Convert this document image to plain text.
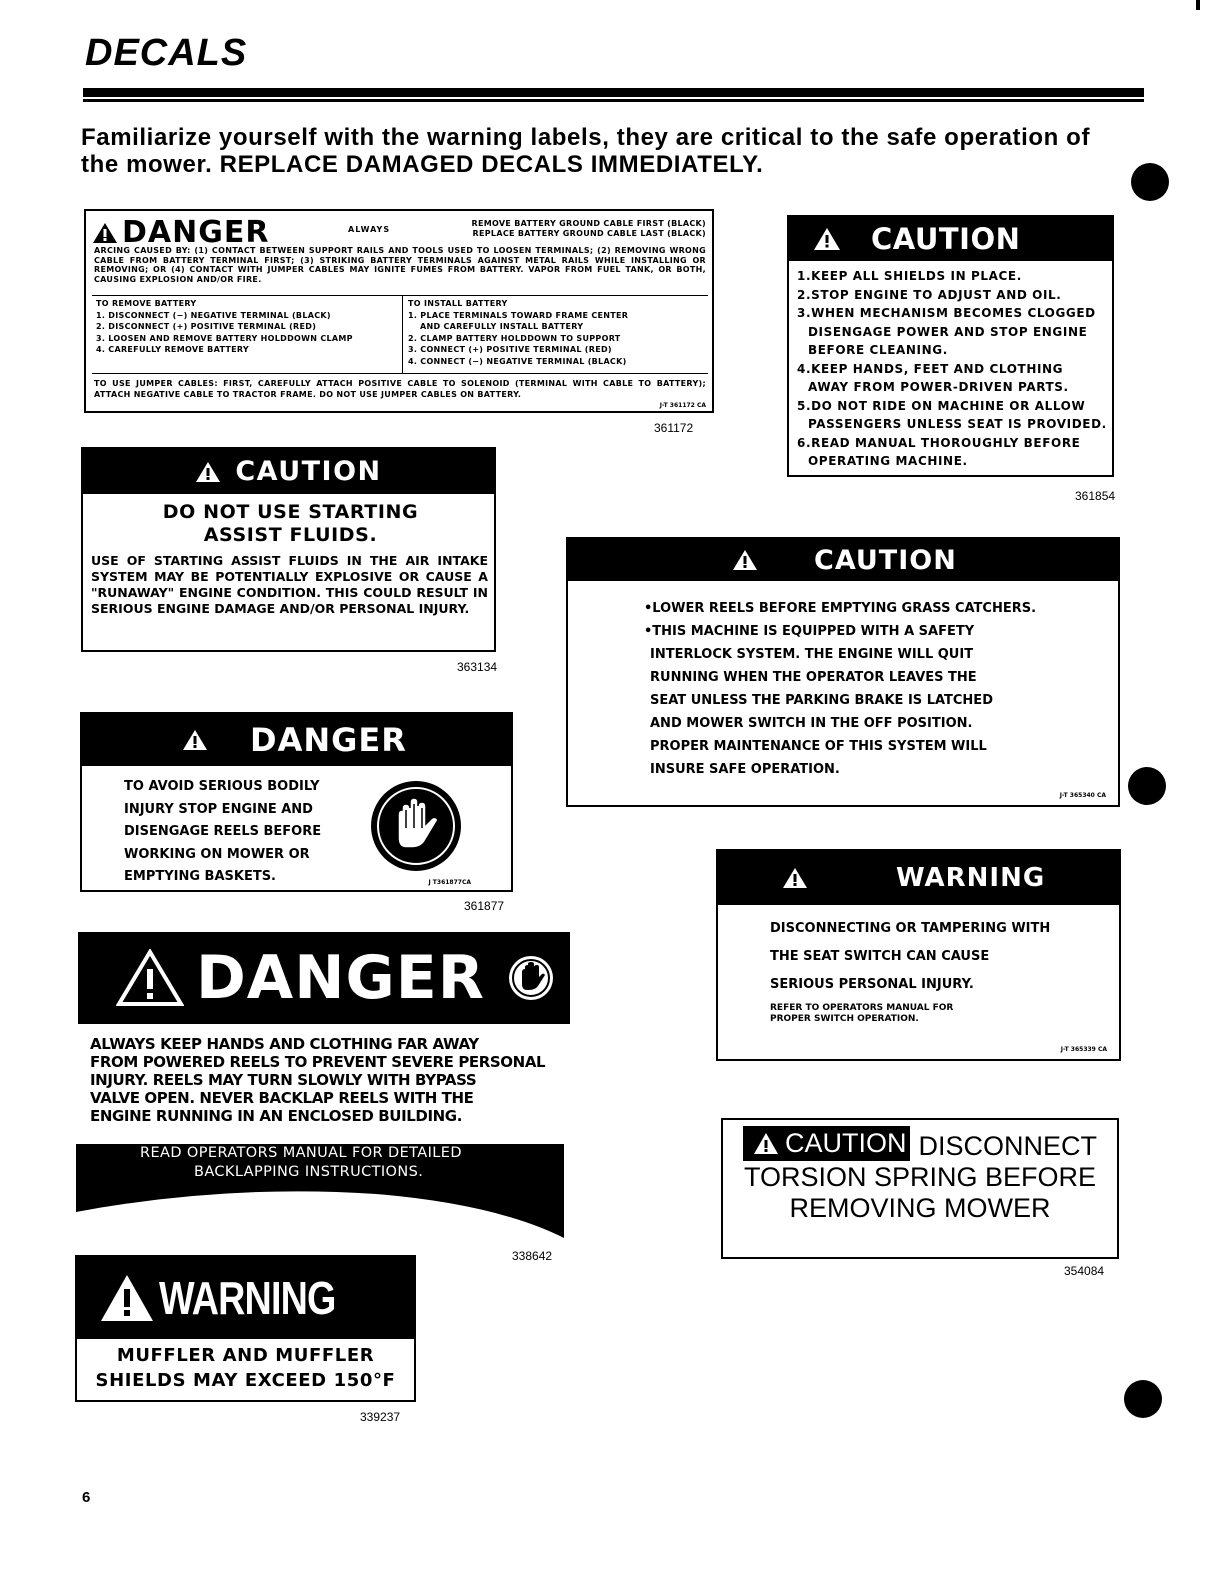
DECALS

Familiarize yourself with the warning labels, they are critical to the safe operation of the mower. REPLACE DAMAGED DECALS IMMEDIATELY.

DANGER	ALWAYS
REMOVE BATTERY GROUND CABLE FIRST (BLACK)
REPLACE BATTERY GROUND CABLE LAST (BLACK)
ARCING CAUSED BY: (1) CONTACT BETWEEN SUPPORT RAILS AND TOOLS USED TO LOOSEN TERMINALS; (2) REMOVING WRONG CABLE FROM BATTERY TERMINAL FIRST; (3) STRIKING BATTERY TERMINALS AGAINST METAL RAILS WHILE INSTALLING OR REMOVING; OR (4) CONTACT WITH JUMPER CABLES MAY IGNITE FUMES FROM BATTERY. VAPOR FROM FUEL TANK, OR BOTH, CAUSING EXPLOSION AND/OR FIRE.
TO REMOVE BATTERY
1. DISCONNECT (−) NEGATIVE TERMINAL (BLACK)
2. DISCONNECT (+) POSITIVE TERMINAL (RED)
3. LOOSEN AND REMOVE BATTERY HOLDDOWN CLAMP
4. CAREFULLY REMOVE BATTERY
TO INSTALL BATTERY
1. PLACE TERMINALS TOWARD FRAME CENTER
AND CAREFULLY INSTALL BATTERY
2. CLAMP BATTERY HOLDDOWN TO SUPPORT
3. CONNECT (+) POSITIVE TERMINAL (RED)
4. CONNECT (−) NEGATIVE TERMINAL (BLACK)
TO USE JUMPER CABLES: FIRST, CAREFULLY ATTACH POSITIVE CABLE TO SOLENOID (TERMINAL WITH CABLE TO BATTERY); ATTACH NEGATIVE CABLE TO TRACTOR FRAME. DO NOT USE JUMPER CABLES ON BATTERY.
J-T 361172 CA
361172
CAUTION
1.KEEP ALL SHIELDS IN PLACE.
2.STOP ENGINE TO ADJUST AND OIL.
3.WHEN MECHANISM BECOMES CLOGGED
DISENGAGE POWER AND STOP ENGINE
BEFORE CLEANING.
4.KEEP HANDS, FEET AND CLOTHING
AWAY FROM POWER-DRIVEN PARTS.
5.DO NOT RIDE ON MACHINE OR ALLOW
PASSENGERS UNLESS SEAT IS PROVIDED.
6.READ MANUAL THOROUGHLY BEFORE
OPERATING MACHINE.
361854
CAUTION
DO NOT USE STARTING ASSIST FLUIDS.
USE OF STARTING ASSIST FLUIDS IN THE AIR INTAKE SYSTEM MAY BE POTENTIALLY EXPLOSIVE OR CAUSE A "RUNAWAY" ENGINE CONDITION. THIS COULD RESULT IN SERIOUS ENGINE DAMAGE AND/OR PERSONAL INJURY.
363134
CAUTION
•LOWER REELS BEFORE EMPTYING GRASS CATCHERS.
•THIS MACHINE IS EQUIPPED WITH A SAFETY
INTERLOCK SYSTEM. THE ENGINE WILL QUIT
RUNNING WHEN THE OPERATOR LEAVES THE
SEAT UNLESS THE PARKING BRAKE IS LATCHED
AND MOWER SWITCH IN THE OFF POSITION.
PROPER MAINTENANCE OF THIS SYSTEM WILL
INSURE SAFE OPERATION.
J-T 365340 CA
DANGER
TO AVOID SERIOUS BODILY
INJURY STOP ENGINE AND
DISENGAGE REELS BEFORE
WORKING ON MOWER OR
EMPTYING BASKETS.	J T361877CA
361877
WARNING
DISCONNECTING OR TAMPERING WITH
THE SEAT SWITCH CAN CAUSE
SERIOUS PERSONAL INJURY.
REFER TO OPERATORS MANUAL FOR
PROPER SWITCH OPERATION.
J-T 365339 CA
DANGER
ALWAYS KEEP HANDS AND CLOTHING FAR AWAY
FROM POWERED REELS TO PREVENT SEVERE PERSONAL
INJURY. REELS MAY TURN SLOWLY WITH BYPASS
VALVE OPEN. NEVER BACKLAP REELS WITH THE
ENGINE RUNNING IN AN ENCLOSED BUILDING.
READ OPERATORS MANUAL FOR DETAILED
BACKLAPPING INSTRUCTIONS.
338642
CAUTION DISCONNECT
TORSION SPRING BEFORE
REMOVING MOWER
354084
WARNING
MUFFLER AND MUFFLER
SHIELDS MAY EXCEED 150°F
339237
6
